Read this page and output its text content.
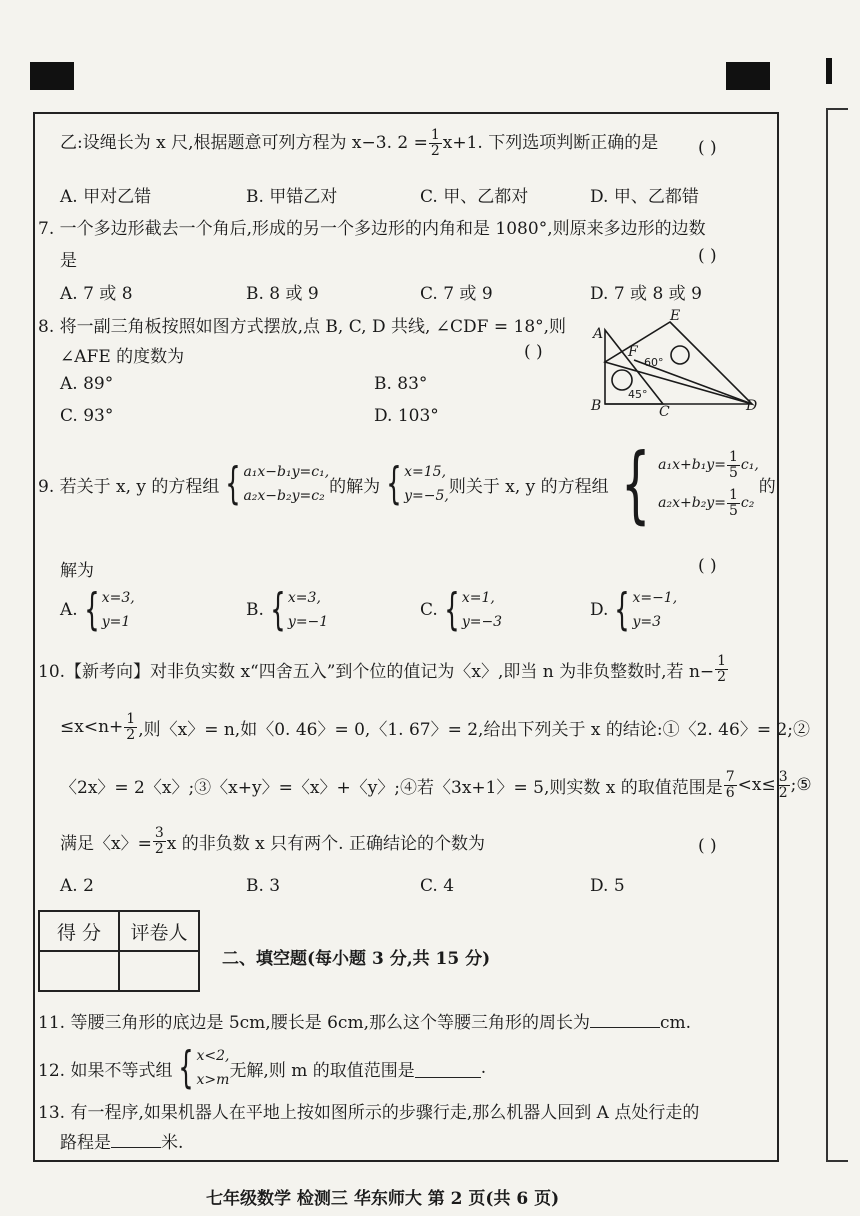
乙:设绳长为 x 尺,根据题意可列方程为 x−3. $2 = \frac{1}{2} x+1$. 下列选项判断正确的是 ( )
A. 甲对乙错	B. 甲错乙对	C. 甲、乙都对	D. 甲、乙都错
7. 一个多边形截去一个角后,形成的另一个多边形的内角和是 1080°,则原来多边形的边数
是	( )
A. 7 或 8	B. 8 或 9	C. 7 或 9	D. 7 或 8 或 9
8. 将一副三角板按照如图方式摆放,点 B, C, D 共线, ∠CDF = 18°,则
∠AFE 的度数为	( )
A. 89°	B. 83°
C. 93°	D. 103°
A
E
F
B	C	D
60°
45°
9. 若关于 x, y 的方程组 { a₁x−b₁y=c₁,
a₂x−b₂y=c₂ 的解为 { x=15,
y=−5, 则关于 x, y 的方程组 { $a_1x+b_1y= \frac{1}{5} c_1$,
$a_2x+b_2y= \frac{1}{5} c_2$
的
解为	( )
A. { x=3,
y=1
B. { x=3,
y=−1
C. { x=1,
y=−3
D. { x=−1,
y=3
10.【新考向】对非负实数 x“四舍五入”到个位的值记为〈x〉,即当 n 为非负整数时,若 $n- \frac{1}{2}$
$\le x<n+ \frac{1}{2}$ ,则〈x〉= n,如〈0. 46〉= 0,〈1. 67〉= 2,给出下列关于 x 的结论:①〈2. 46〉= 2;②
〈2x〉= 2〈x〉;③〈x+y〉=〈x〉+〈y〉;④若〈3x+1〉= 5,则实数 x 的取值范围是 $\frac{7}{6} <x\le \frac{3}{2}$ ;⑤
满足〈x〉= $\frac{3}{2}$ x 的非负数 x 只有两个. 正确结论的个数为	( )
A. 2	B. 3	C. 4	D. 5
得 分	评卷人

二、填空题(每小题 3 分,共 15 分)
11. 等腰三角形的底边是 5cm,腰长是 6cm,那么这个等腰三角形的周长为	cm.
12. 如果不等式组 { x<2,
x>m 无解,则 m 的取值范围是	.
13. 有一程序,如果机器人在平地上按如图所示的步骤行走,那么机器人回到 A 点处行走的
路程是	米.
七年级数学 检测三 华东师大 第 2 页(共 6 页)
